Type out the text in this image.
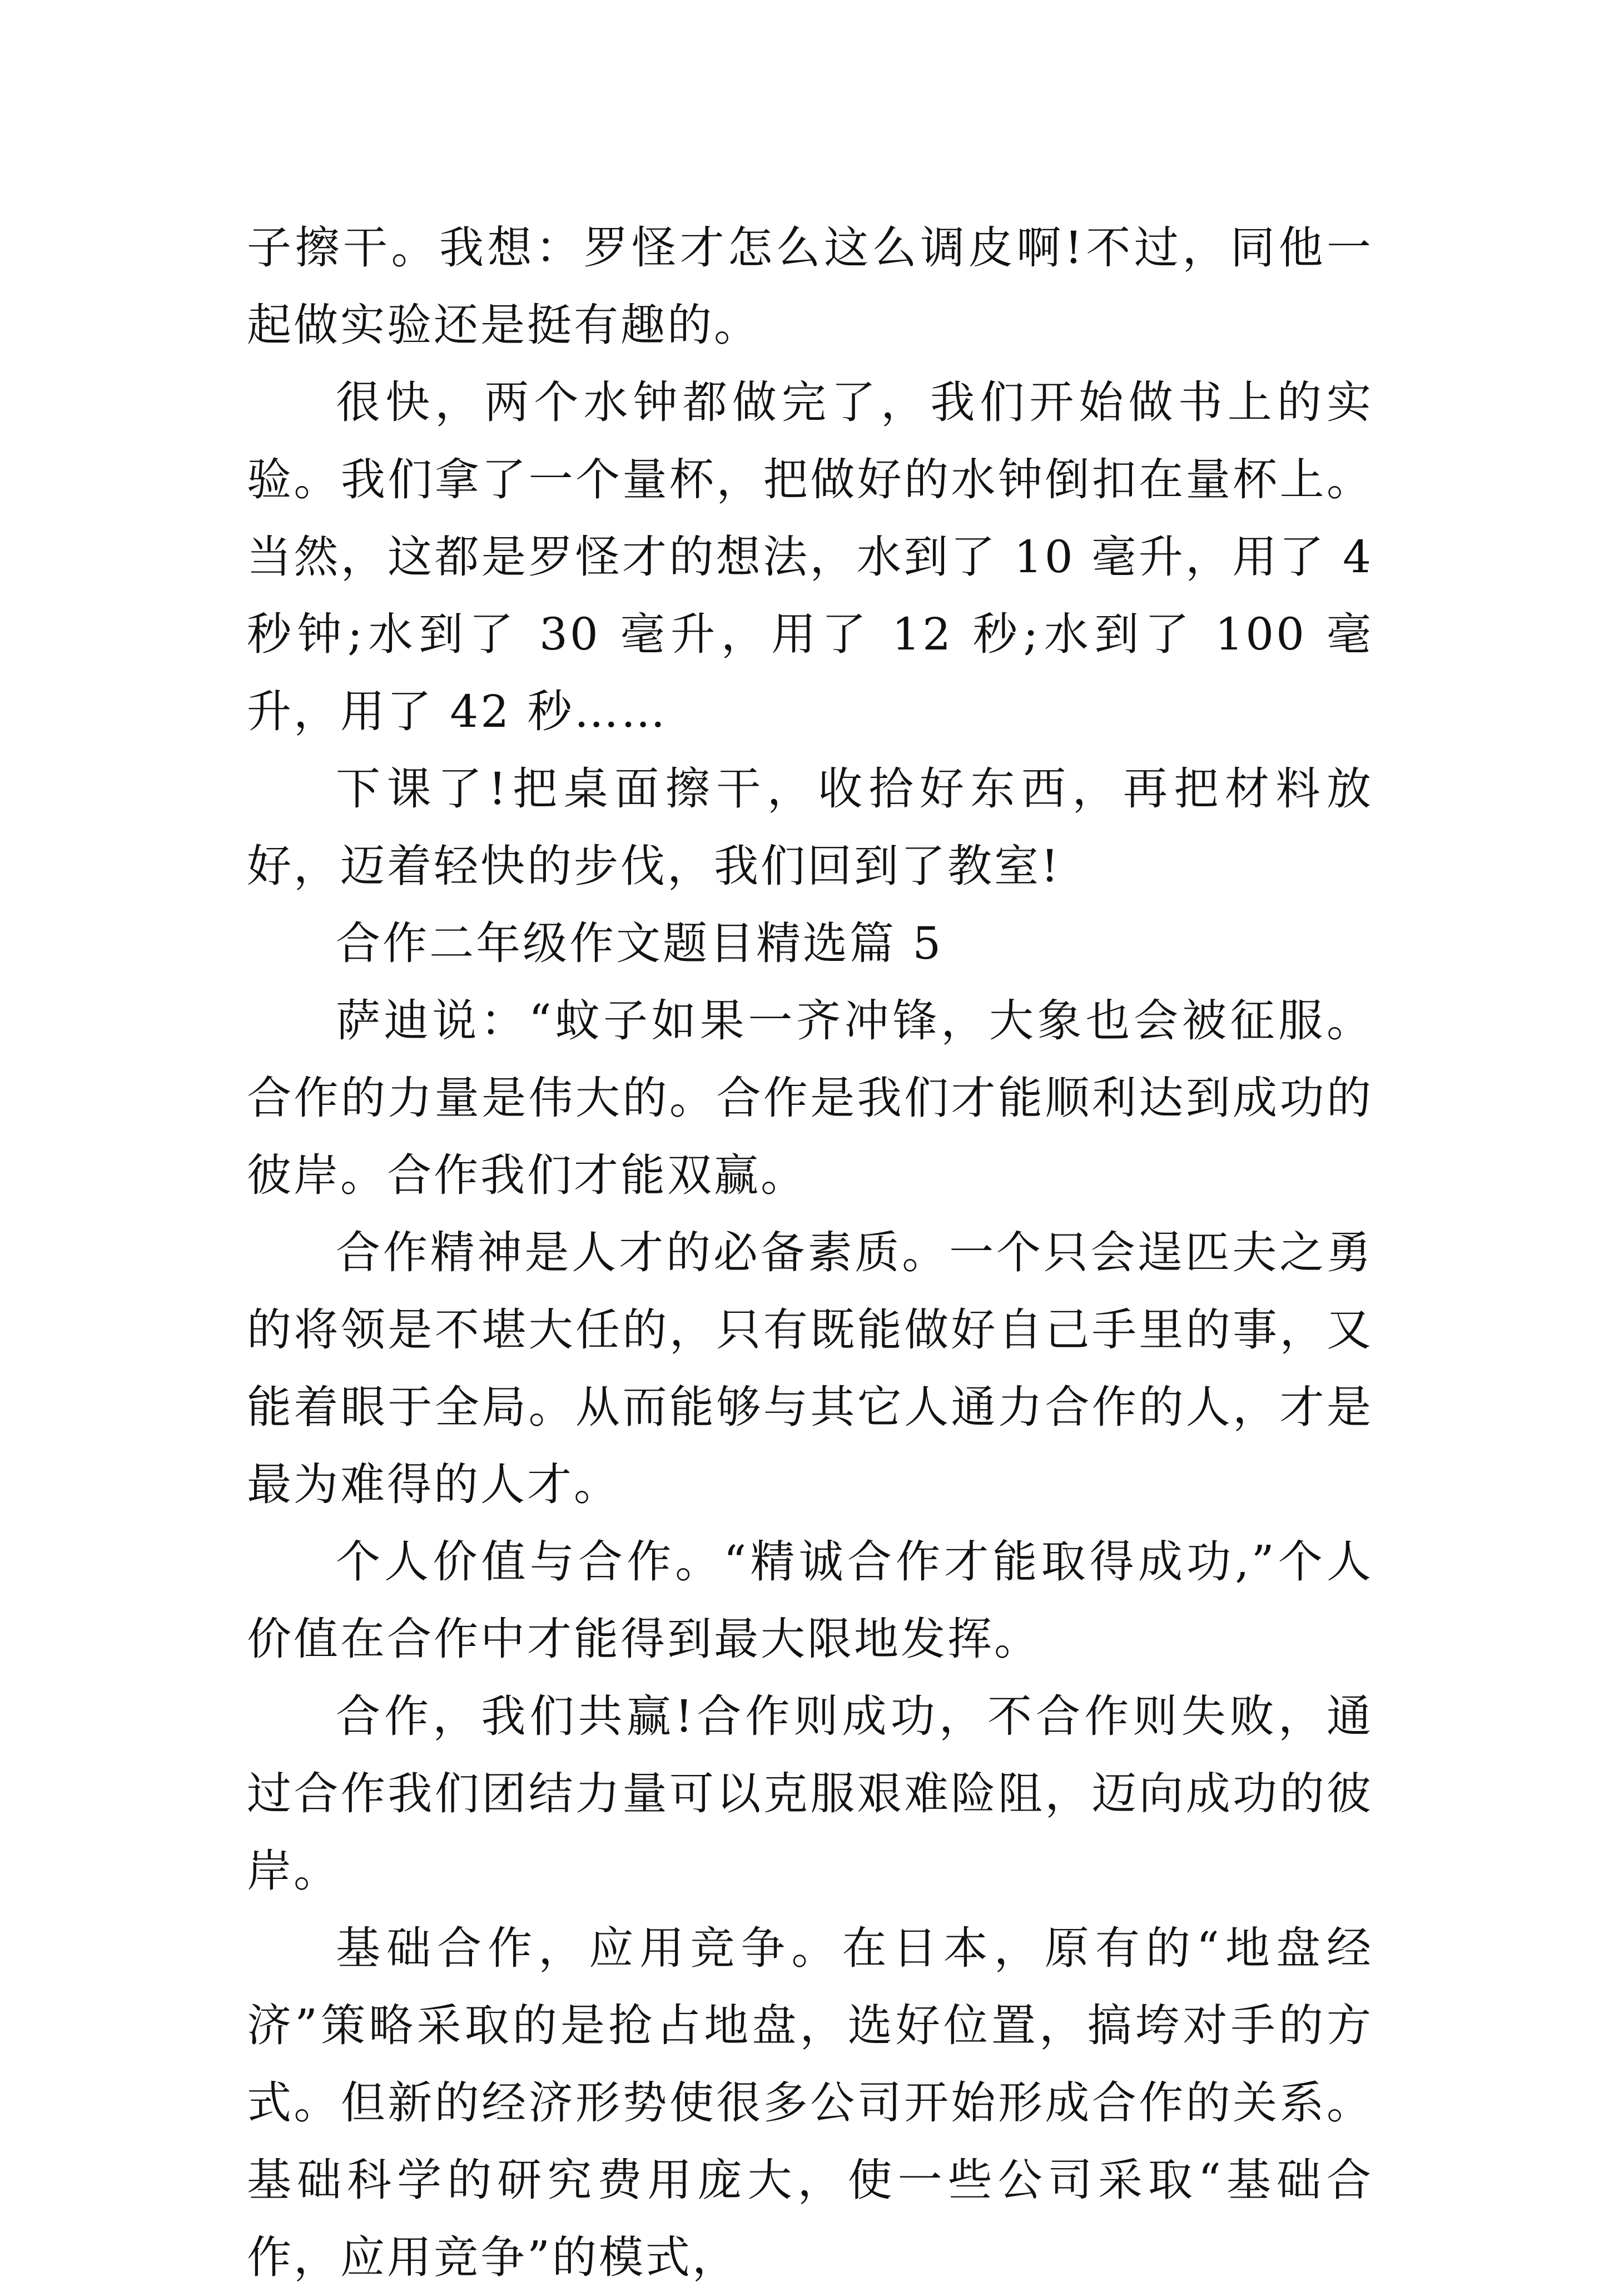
子擦干。我想：罗怪才怎么这么调皮啊!不过，同他一起做实验还是挺有趣的。

很快，两个水钟都做完了，我们开始做书上的实验。我们拿了一个量杯，把做好的水钟倒扣在量杯上。当然，这都是罗怪才的想法，水到了 10 毫升，用了 4 秒钟;水到了 30 毫升，用了 12 秒;水到了 100 毫升，用了 42 秒……

下课了!把桌面擦干，收拾好东西，再把材料放好，迈着轻快的步伐，我们回到了教室!

合作二年级作文题目精选篇 5

萨迪说：“蚊子如果一齐冲锋，大象也会被征服。合作的力量是伟大的。合作是我们才能顺利达到成功的彼岸。合作我们才能双赢。

合作精神是人才的必备素质。一个只会逞匹夫之勇的将领是不堪大任的，只有既能做好自己手里的事，又能着眼于全局。从而能够与其它人通力合作的人，才是最为难得的人才。

个人价值与合作。“精诚合作才能取得成功,”个人价值在合作中才能得到最大限地发挥。

合作，我们共赢!合作则成功，不合作则失败，通过合作我们团结力量可以克服艰难险阻，迈向成功的彼岸。

基础合作，应用竞争。在日本，原有的“地盘经济”策略采取的是抢占地盘，选好位置，搞垮对手的方式。但新的经济形势使很多公司开始形成合作的关系。基础科学的研究费用庞大，使一些公司采取“基础合作，应用竞争”的模式，
